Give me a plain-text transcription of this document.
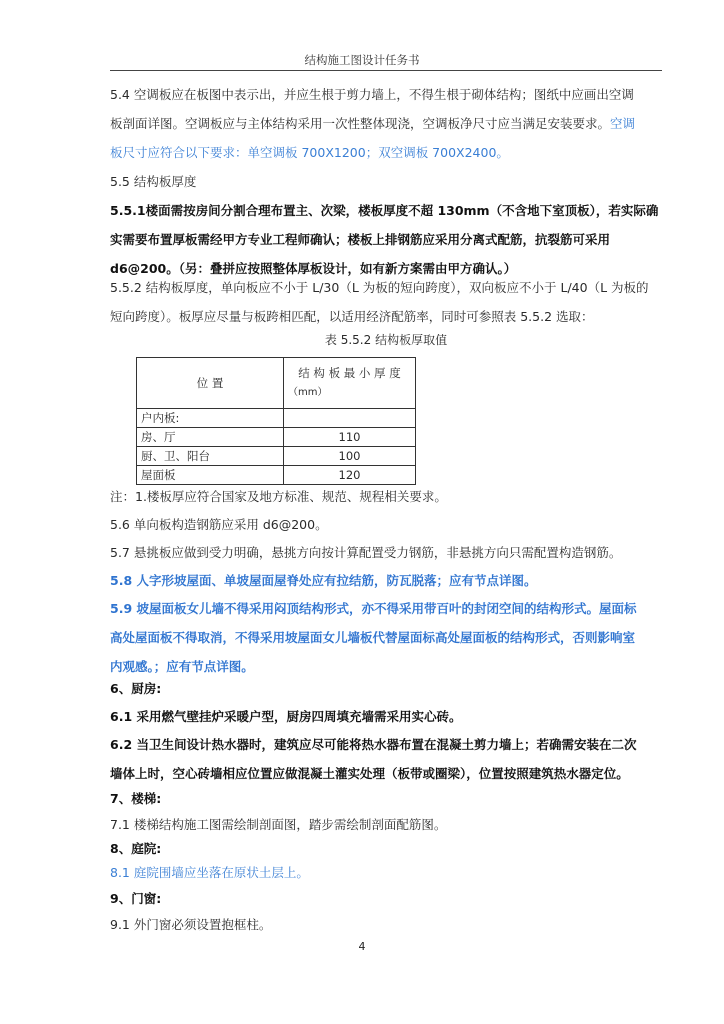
结构施工图设计任务书

5.4 空调板应在板图中表示出，并应生根于剪力墙上，不得生根于砌体结构；图纸中应画出空调
板剖面详图。空调板应与主体结构采用一次性整体现浇，空调板净尺寸应当满足安装要求。空调
板尺寸应符合以下要求：单空调板 700X1200；双空调板 700X2400。

5.5 结构板厚度

5.5.1楼面需按房间分割合理布置主、次梁，楼板厚度不超 130mm（不含地下室顶板），若实际确
实需要布置厚板需经甲方专业工程师确认；楼板上排钢筋应采用分离式配筋，抗裂筋可采用
d6@200。（另：叠拼应按照整体厚板设计，如有新方案需由甲方确认。）

5.5.2 结构板厚度，单向板应不小于 L/30（L 为板的短向跨度），双向板应不小于 L/40（L 为板的
短向跨度）。板厚应尽量与板跨相匹配，以适用经济配筋率，同时可参照表 5.5.2 选取：

表 5.5.2 结构板厚取值
位 置	结 构 板 最 小 厚 度
（mm）

户内板:	
房、厅	110
厨、卫、阳台	100
屋面板	120

注：1.楼板厚应符合国家及地方标准、规范、规程相关要求。

5.6 单向板构造钢筋应采用 d6@200。

5.7 悬挑板应做到受力明确，悬挑方向按计算配置受力钢筋，非悬挑方向只需配置构造钢筋。

5.8 人字形坡屋面、单坡屋面屋脊处应有拉结筋，防瓦脱落；应有节点详图。

5.9 坡屋面板女儿墙不得采用闷顶结构形式，亦不得采用带百叶的封闭空间的结构形式。屋面标
高处屋面板不得取消，不得采用坡屋面女儿墙板代替屋面标高处屋面板的结构形式，否则影响室
内观感。；应有节点详图。

6、厨房:

6.1 采用燃气壁挂炉采暖户型，厨房四周填充墙需采用实心砖。

6.2 当卫生间设计热水器时，建筑应尽可能将热水器布置在混凝土剪力墙上；若确需安装在二次
墙体上时，空心砖墙相应位置应做混凝土灌实处理（板带或圈梁），位置按照建筑热水器定位。

7、楼梯:

7.1 楼梯结构施工图需绘制剖面图，踏步需绘制剖面配筋图。

8、庭院:

8.1 庭院围墙应坐落在原状土层上。

9、门窗:

9.1 外门窗必须设置抱框柱。

4
